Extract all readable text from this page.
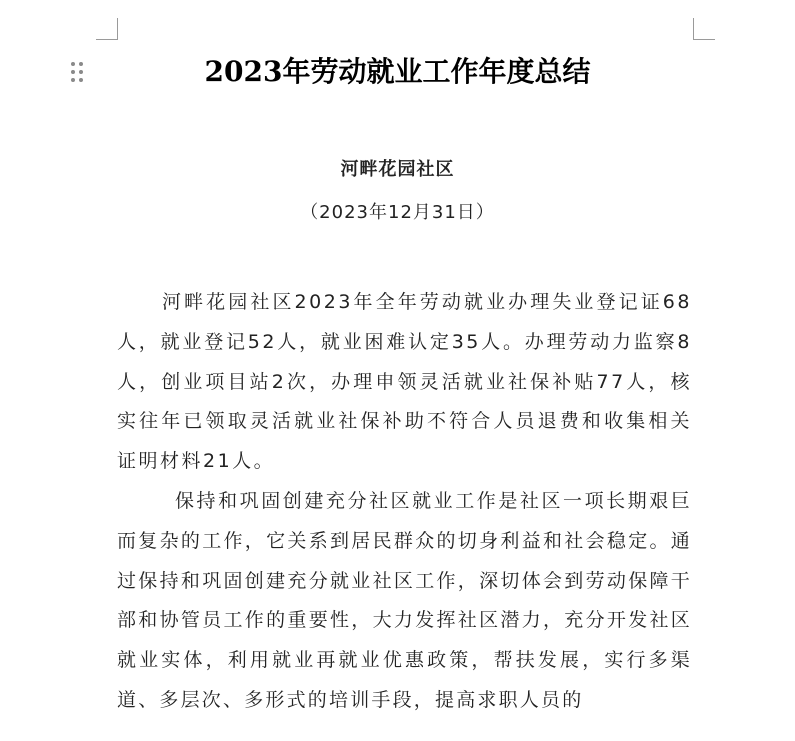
2023年劳动就业工作年度总结
河畔花园社区
（2023年12月31日）

河畔花园社区2023年全年劳动就业办理失业登记证68人，就业登记52人，就业困难认定35人。办理劳动力监察8人，创业项目站2次，办理申领灵活就业社保补贴77人，核实往年已领取灵活就业社保补助不符合人员退费和收集相关证明材料21人。

保持和巩固创建充分社区就业工作是社区一项长期艰巨而复杂的工作，它关系到居民群众的切身利益和社会稳定。通过保持和巩固创建充分就业社区工作，深切体会到劳动保障干部和协管员工作的重要性，大力发挥社区潜力，充分开发社区就业实体，利用就业再就业优惠政策，帮扶发展，实行多渠道、多层次、多形式的培训手段，提高求职人员的
